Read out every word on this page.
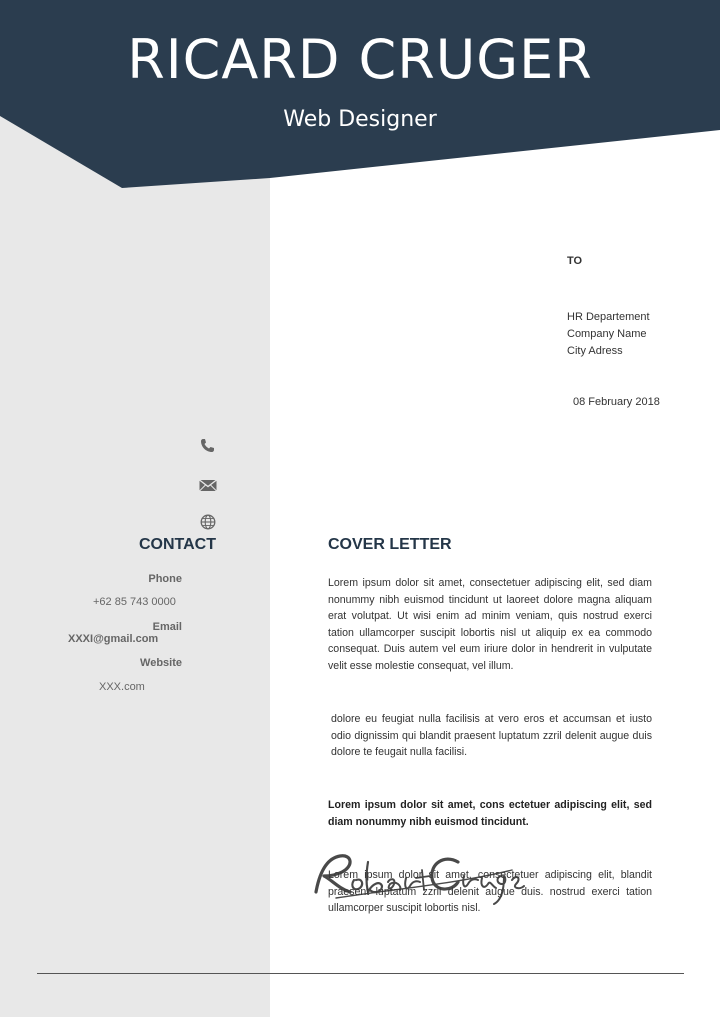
RICARD CRUGER
Web Designer
TO
HR Departement
Company Name
City Adress
08 February 2018
CONTACT
Phone
+62 85 743 0000
Email
XXXI@gmail.com
Website
XXX.com
COVER LETTER
Lorem ipsum dolor sit amet, consectetuer adipiscing elit, sed diam nonummy nibh euismod tincidunt ut laoreet dolore magna aliquam erat volutpat. Ut wisi enim ad minim veniam, quis nostrud exerci tation ullamcorper suscipit lobortis nisl ut aliquip ex ea commodo consequat. Duis autem vel eum iriure dolor in hendrerit in vulputate velit esse molestie consequat, vel illum.
dolore eu feugiat nulla facilisis at vero eros et accumsan et iusto odio dignissim qui blandit praesent luptatum zzril delenit augue duis dolore te feugait nulla facilisi.
Lorem ipsum dolor sit amet, cons ectetuer adipiscing elit, sed diam nonummy nibh euismod tincidunt.
Lorem ipsum dolor sit amet, consectetuer adipiscing elit, blandit praesent luptatum zzril delenit augue duis. nostrud exerci tation ullamcorper suscipit lobortis nisl.
